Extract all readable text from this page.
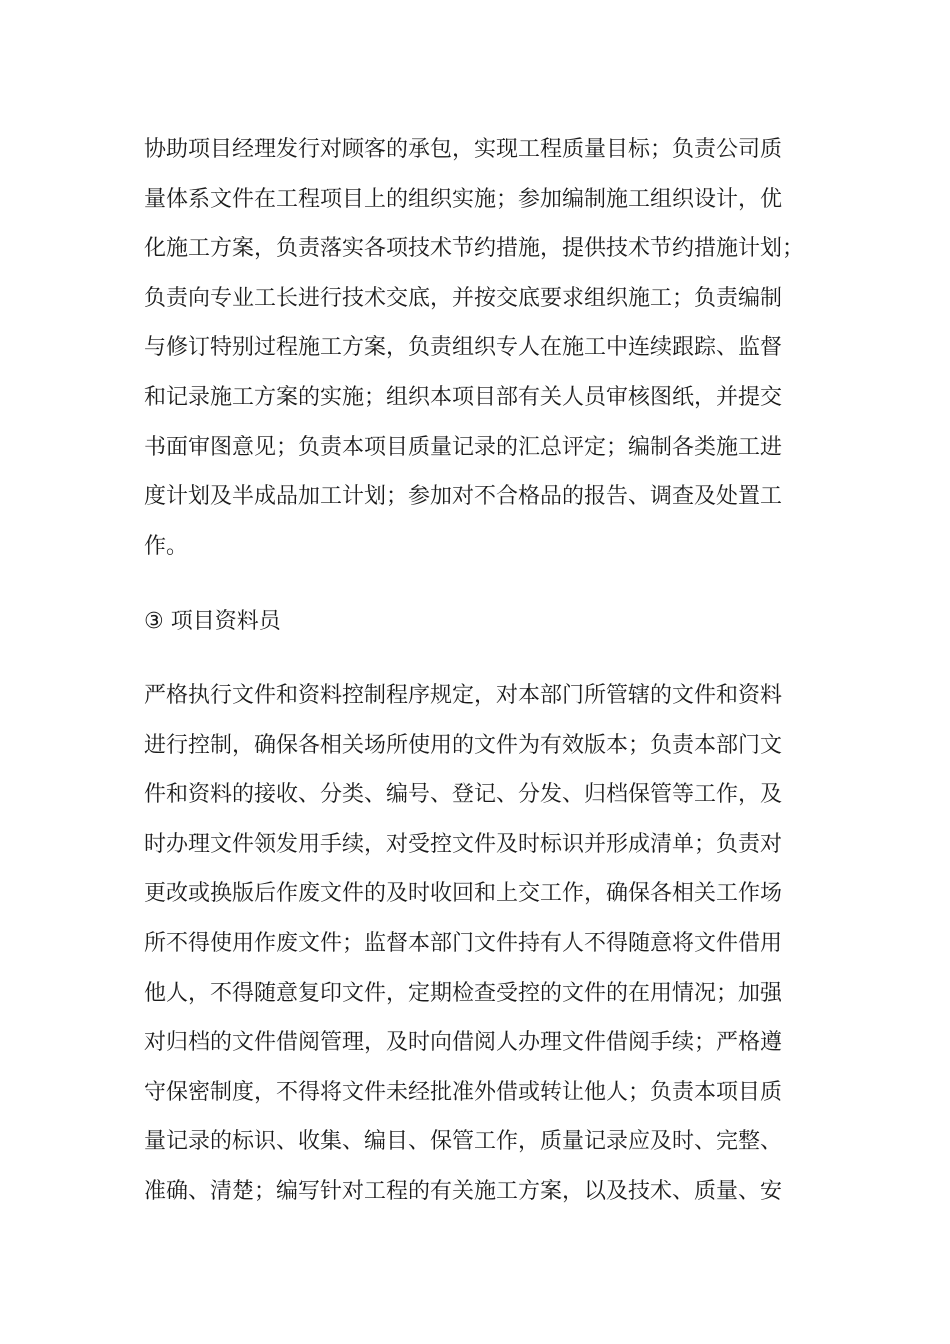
协助项目经理发行对顾客的承包，实现工程质量目标；负责公司质
量体系文件在工程项目上的组织实施；参加编制施工组织设计，优
化施工方案，负责落实各项技术节约措施，提供技术节约措施计划；
负责向专业工长进行技术交底，并按交底要求组织施工；负责编制
与修订特别过程施工方案，负责组织专人在施工中连续跟踪、监督
和记录施工方案的实施；组织本项目部有关人员审核图纸，并提交
书面审图意见；负责本项目质量记录的汇总评定；编制各类施工进
度计划及半成品加工计划；参加对不合格品的报告、调查及处置工
作。
③ 项目资料员
严格执行文件和资料控制程序规定，对本部门所管辖的文件和资料
进行控制，确保各相关场所使用的文件为有效版本；负责本部门文
件和资料的接收、分类、编号、登记、分发、归档保管等工作，及
时办理文件领发用手续，对受控文件及时标识并形成清单；负责对
更改或换版后作废文件的及时收回和上交工作，确保各相关工作场
所不得使用作废文件；监督本部门文件持有人不得随意将文件借用
他人，不得随意复印文件，定期检查受控的文件的在用情况；加强
对归档的文件借阅管理，及时向借阅人办理文件借阅手续；严格遵
守保密制度，不得将文件未经批准外借或转让他人；负责本项目质
量记录的标识、收集、编目、保管工作，质量记录应及时、完整、
准确、清楚；编写针对工程的有关施工方案，以及技术、质量、安
